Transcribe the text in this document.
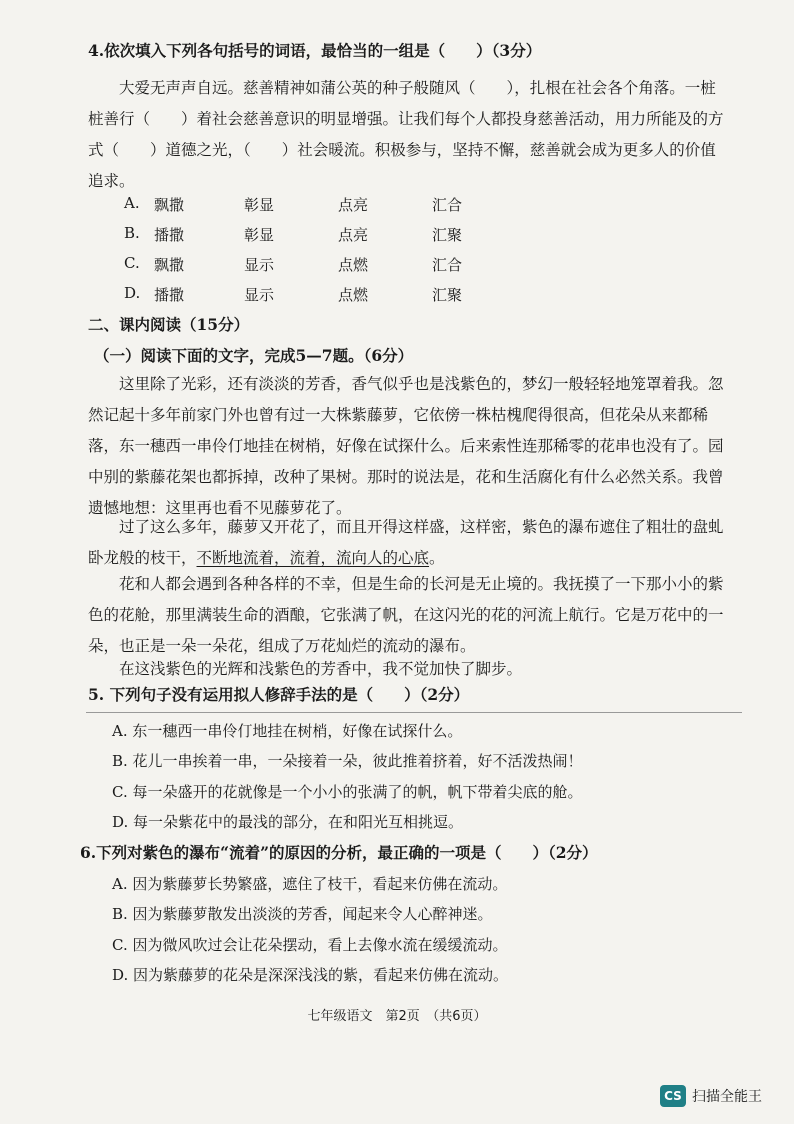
4.依次填入下列各句括号的词语，最恰当的一组是（　　）（3分）
大爱无声声自远。慈善精神如蒲公英的种子般随风（　　），扎根在社会各个角落。一桩桩善行（　　）着社会慈善意识的明显增强。让我们每个人都投身慈善活动，用力所能及的方式（　　）道德之光，（　　）社会暖流。积极参与，坚持不懈，慈善就会成为更多人的价值追求。
A. 飘撒	彰显	点亮	汇合
B. 播撒	彰显	点亮	汇聚
C. 飘撒	显示	点燃	汇合
D. 播撒	显示	点燃	汇聚
二、课内阅读（15分）
（一）阅读下面的文字，完成5—7题。（6分）
这里除了光彩，还有淡淡的芳香，香气似乎也是浅紫色的，梦幻一般轻轻地笼罩着我。忽然记起十多年前家门外也曾有过一大株紫藤萝，它依傍一株枯槐爬得很高，但花朵从来都稀落，东一穗西一串伶仃地挂在树梢，好像在试探什么。后来索性连那稀零的花串也没有了。园中别的紫藤花架也都拆掉，改种了果树。那时的说法是，花和生活腐化有什么必然关系。我曾遗憾地想：这里再也看不见藤萝花了。
过了这么多年，藤萝又开花了，而且开得这样盛，这样密，紫色的瀑布遮住了粗壮的盘虬卧龙般的枝干，不断地流着，流着，流向人的心底。
花和人都会遇到各种各样的不幸，但是生命的长河是无止境的。我抚摸了一下那小小的紫色的花舱，那里满装生命的酒酿，它张满了帆，在这闪光的花的河流上航行。它是万花中的一朵，也正是一朵一朵花，组成了万花灿烂的流动的瀑布。
在这浅紫色的光辉和浅紫色的芳香中，我不觉加快了脚步。
5. 下列句子没有运用拟人修辞手法的是（　　）（2分）
A. 东一穗西一串伶仃地挂在树梢，好像在试探什么。
B. 花儿一串挨着一串，一朵接着一朵，彼此推着挤着，好不活泼热闹！
C. 每一朵盛开的花就像是一个小小的张满了的帆，帆下带着尖底的舱。
D. 每一朵紫花中的最浅的部分，在和阳光互相挑逗。
6.下列对紫色的瀑布“流着”的原因的分析，最正确的一项是（　　）（2分）
A. 因为紫藤萝长势繁盛，遮住了枝干，看起来仿佛在流动。
B. 因为紫藤萝散发出淡淡的芳香，闻起来令人心醉神迷。
C. 因为微风吹过会让花朵摆动，看上去像水流在缓缓流动。
D. 因为紫藤萝的花朵是深深浅浅的紫，看起来仿佛在流动。
七年级语文　第2页　（共6页）
CS 扫描全能王
